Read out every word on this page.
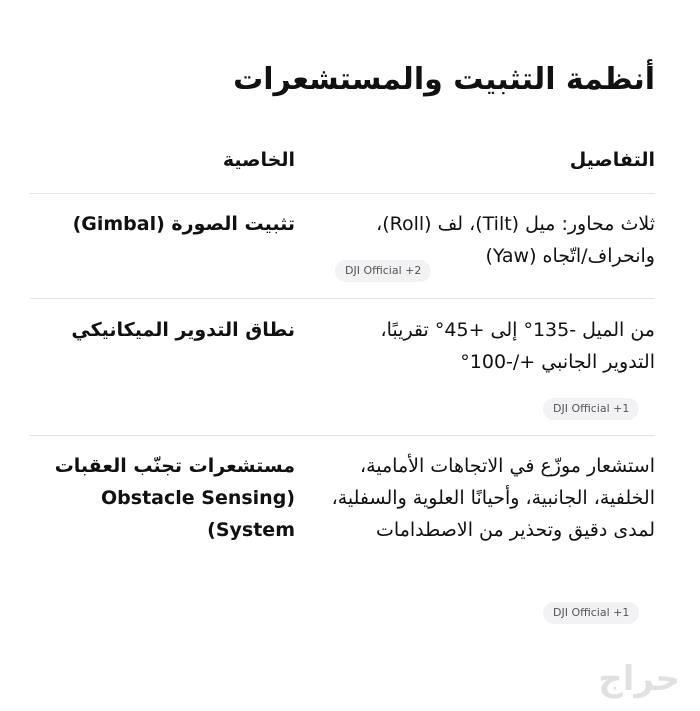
أنظمة التثبيت والمستشعرات
التفاصيل
الخاصية
ثلاث محاور: ميل (Tilt)، لف (Roll)، وانحراف/اتّجاه (Yaw)
تثبيت الصورة (Gimbal)
DJI Official +2
من الميل -135° إلى +45° تقريبًا، التدوير الجانبي +/-100°
نطاق التدوير الميكانيكي
DJI Official +1
استشعار موزّع في الاتجاهات الأمامية، الخلفية، الجانبية، وأحيانًا العلوية والسفلية، لمدى دقيق وتحذير من الاصطدامات
مستشعرات تجنّب العقبات (Obstacle Sensing System)
DJI Official +1
حراج
